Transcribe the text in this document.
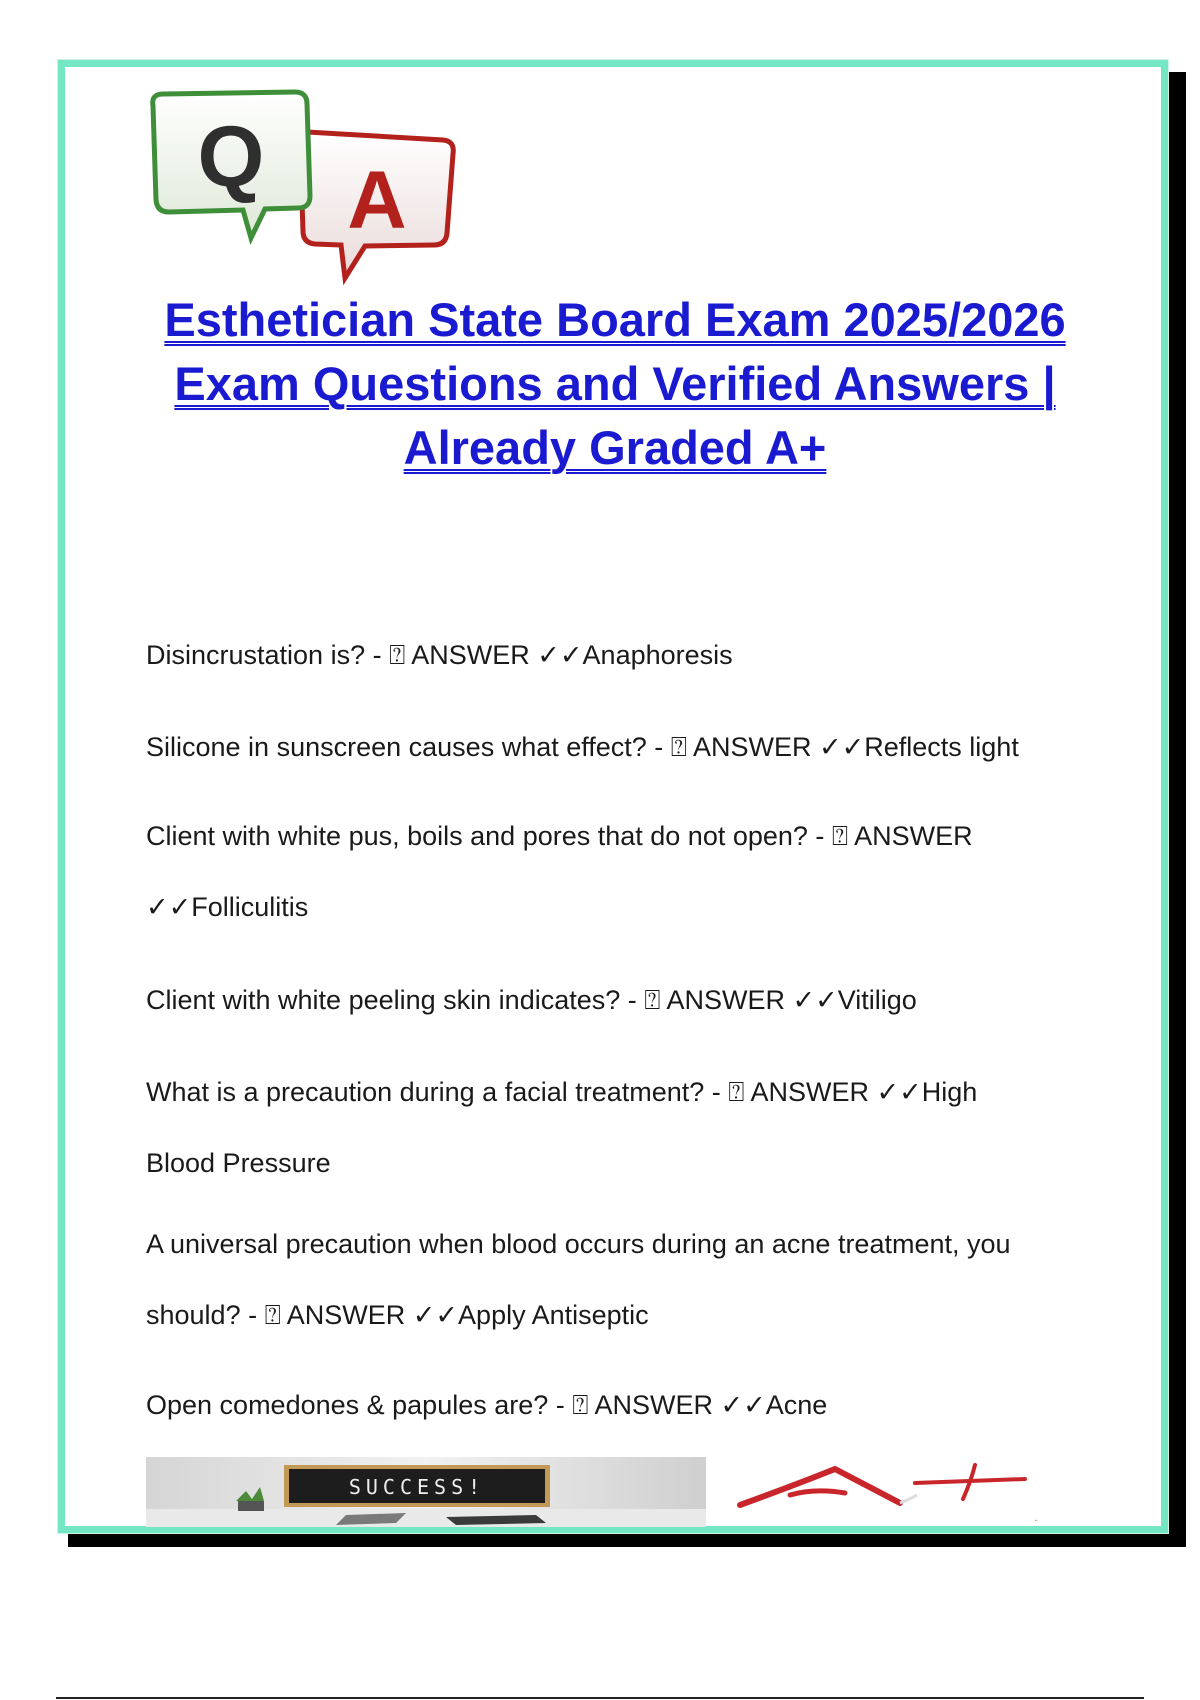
A
Q
Esthetician State Board Exam 2025/2026
Exam Questions and Verified Answers |
Already Graded A+
Disincrustation is? - ⍰ ANSWER ✓✓Anaphoresis
Silicone in sunscreen causes what effect? - ⍰ ANSWER ✓✓Reflects light
Client with white pus, boils and pores that do not open? - ⍰ ANSWER
✓✓Folliculitis
Client with white peeling skin indicates? - ⍰ ANSWER ✓✓Vitiligo
What is a precaution during a facial treatment? - ⍰ ANSWER ✓✓High
Blood Pressure
A universal precaution when blood occurs during an acne treatment, you
should? - ⍰ ANSWER ✓✓Apply Antiseptic
Open comedones & papules are? - ⍰ ANSWER ✓✓Acne
SUCCESS!
A+
